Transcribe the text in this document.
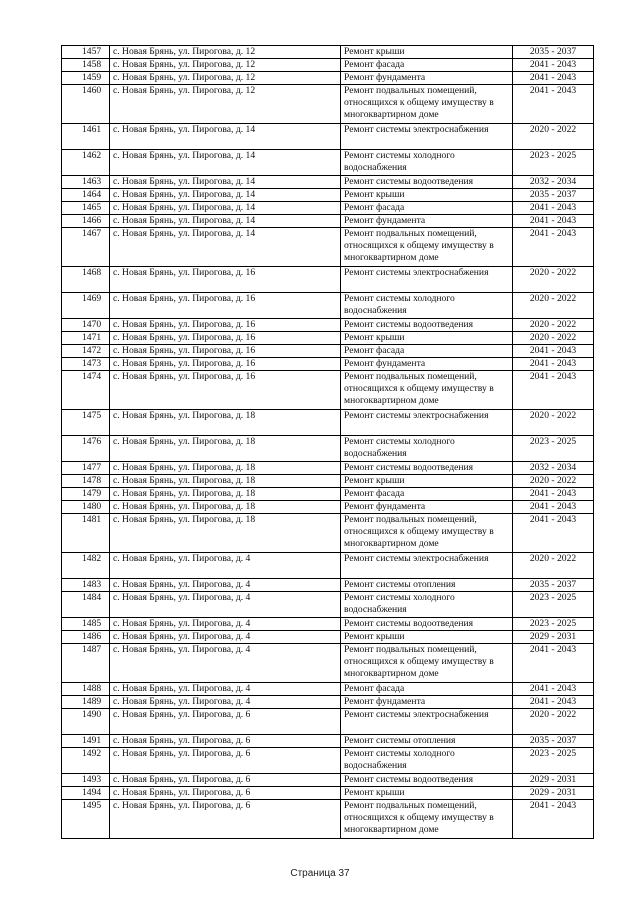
1457	с. Новая Брянь, ул. Пирогова, д. 12	Ремонт крыши	2035 - 2037
1458	с. Новая Брянь, ул. Пирогова, д. 12	Ремонт фасада	2041 - 2043
1459	с. Новая Брянь, ул. Пирогова, д. 12	Ремонт фундамента	2041 - 2043
1460	с. Новая Брянь, ул. Пирогова, д. 12	Ремонт подвальных помещений, относящихся к общему имуществу в многоквартирном доме	2041 - 2043
1461	с. Новая Брянь, ул. Пирогова, д. 14	Ремонт системы электроснабжения	2020 - 2022
1462	с. Новая Брянь, ул. Пирогова, д. 14	Ремонт системы холодного водоснабжения	2023 - 2025
1463	с. Новая Брянь, ул. Пирогова, д. 14	Ремонт системы водоотведения	2032 - 2034
1464	с. Новая Брянь, ул. Пирогова, д. 14	Ремонт крыши	2035 - 2037
1465	с. Новая Брянь, ул. Пирогова, д. 14	Ремонт фасада	2041 - 2043
1466	с. Новая Брянь, ул. Пирогова, д. 14	Ремонт фундамента	2041 - 2043
1467	с. Новая Брянь, ул. Пирогова, д. 14	Ремонт подвальных помещений, относящихся к общему имуществу в многоквартирном доме	2041 - 2043
1468	с. Новая Брянь, ул. Пирогова, д. 16	Ремонт системы электроснабжения	2020 - 2022
1469	с. Новая Брянь, ул. Пирогова, д. 16	Ремонт системы холодного водоснабжения	2020 - 2022
1470	с. Новая Брянь, ул. Пирогова, д. 16	Ремонт системы водоотведения	2020 - 2022
1471	с. Новая Брянь, ул. Пирогова, д. 16	Ремонт крыши	2020 - 2022
1472	с. Новая Брянь, ул. Пирогова, д. 16	Ремонт фасада	2041 - 2043
1473	с. Новая Брянь, ул. Пирогова, д. 16	Ремонт фундамента	2041 - 2043
1474	с. Новая Брянь, ул. Пирогова, д. 16	Ремонт подвальных помещений, относящихся к общему имуществу в многоквартирном доме	2041 - 2043
1475	с. Новая Брянь, ул. Пирогова, д. 18	Ремонт системы электроснабжения	2020 - 2022
1476	с. Новая Брянь, ул. Пирогова, д. 18	Ремонт системы холодного водоснабжения	2023 - 2025
1477	с. Новая Брянь, ул. Пирогова, д. 18	Ремонт системы водоотведения	2032 - 2034
1478	с. Новая Брянь, ул. Пирогова, д. 18	Ремонт крыши	2020 - 2022
1479	с. Новая Брянь, ул. Пирогова, д. 18	Ремонт фасада	2041 - 2043
1480	с. Новая Брянь, ул. Пирогова, д. 18	Ремонт фундамента	2041 - 2043
1481	с. Новая Брянь, ул. Пирогова, д. 18	Ремонт подвальных помещений, относящихся к общему имуществу в многоквартирном доме	2041 - 2043
1482	с. Новая Брянь, ул. Пирогова, д. 4	Ремонт системы электроснабжения	2020 - 2022
1483	с. Новая Брянь, ул. Пирогова, д. 4	Ремонт системы отопления	2035 - 2037
1484	с. Новая Брянь, ул. Пирогова, д. 4	Ремонт системы холодного водоснабжения	2023 - 2025
1485	с. Новая Брянь, ул. Пирогова, д. 4	Ремонт системы водоотведения	2023 - 2025
1486	с. Новая Брянь, ул. Пирогова, д. 4	Ремонт крыши	2029 - 2031
1487	с. Новая Брянь, ул. Пирогова, д. 4	Ремонт подвальных помещений, относящихся к общему имуществу в многоквартирном доме	2041 - 2043
1488	с. Новая Брянь, ул. Пирогова, д. 4	Ремонт фасада	2041 - 2043
1489	с. Новая Брянь, ул. Пирогова, д. 4	Ремонт фундамента	2041 - 2043
1490	с. Новая Брянь, ул. Пирогова, д. 6	Ремонт системы электроснабжения	2020 - 2022
1491	с. Новая Брянь, ул. Пирогова, д. 6	Ремонт системы отопления	2035 - 2037
1492	с. Новая Брянь, ул. Пирогова, д. 6	Ремонт системы холодного водоснабжения	2023 - 2025
1493	с. Новая Брянь, ул. Пирогова, д. 6	Ремонт системы водоотведения	2029 - 2031
1494	с. Новая Брянь, ул. Пирогова, д. 6	Ремонт крыши	2029 - 2031
1495	с. Новая Брянь, ул. Пирогова, д. 6	Ремонт подвальных помещений, относящихся к общему имуществу в многоквартирном доме	2041 - 2043
Страница 37
